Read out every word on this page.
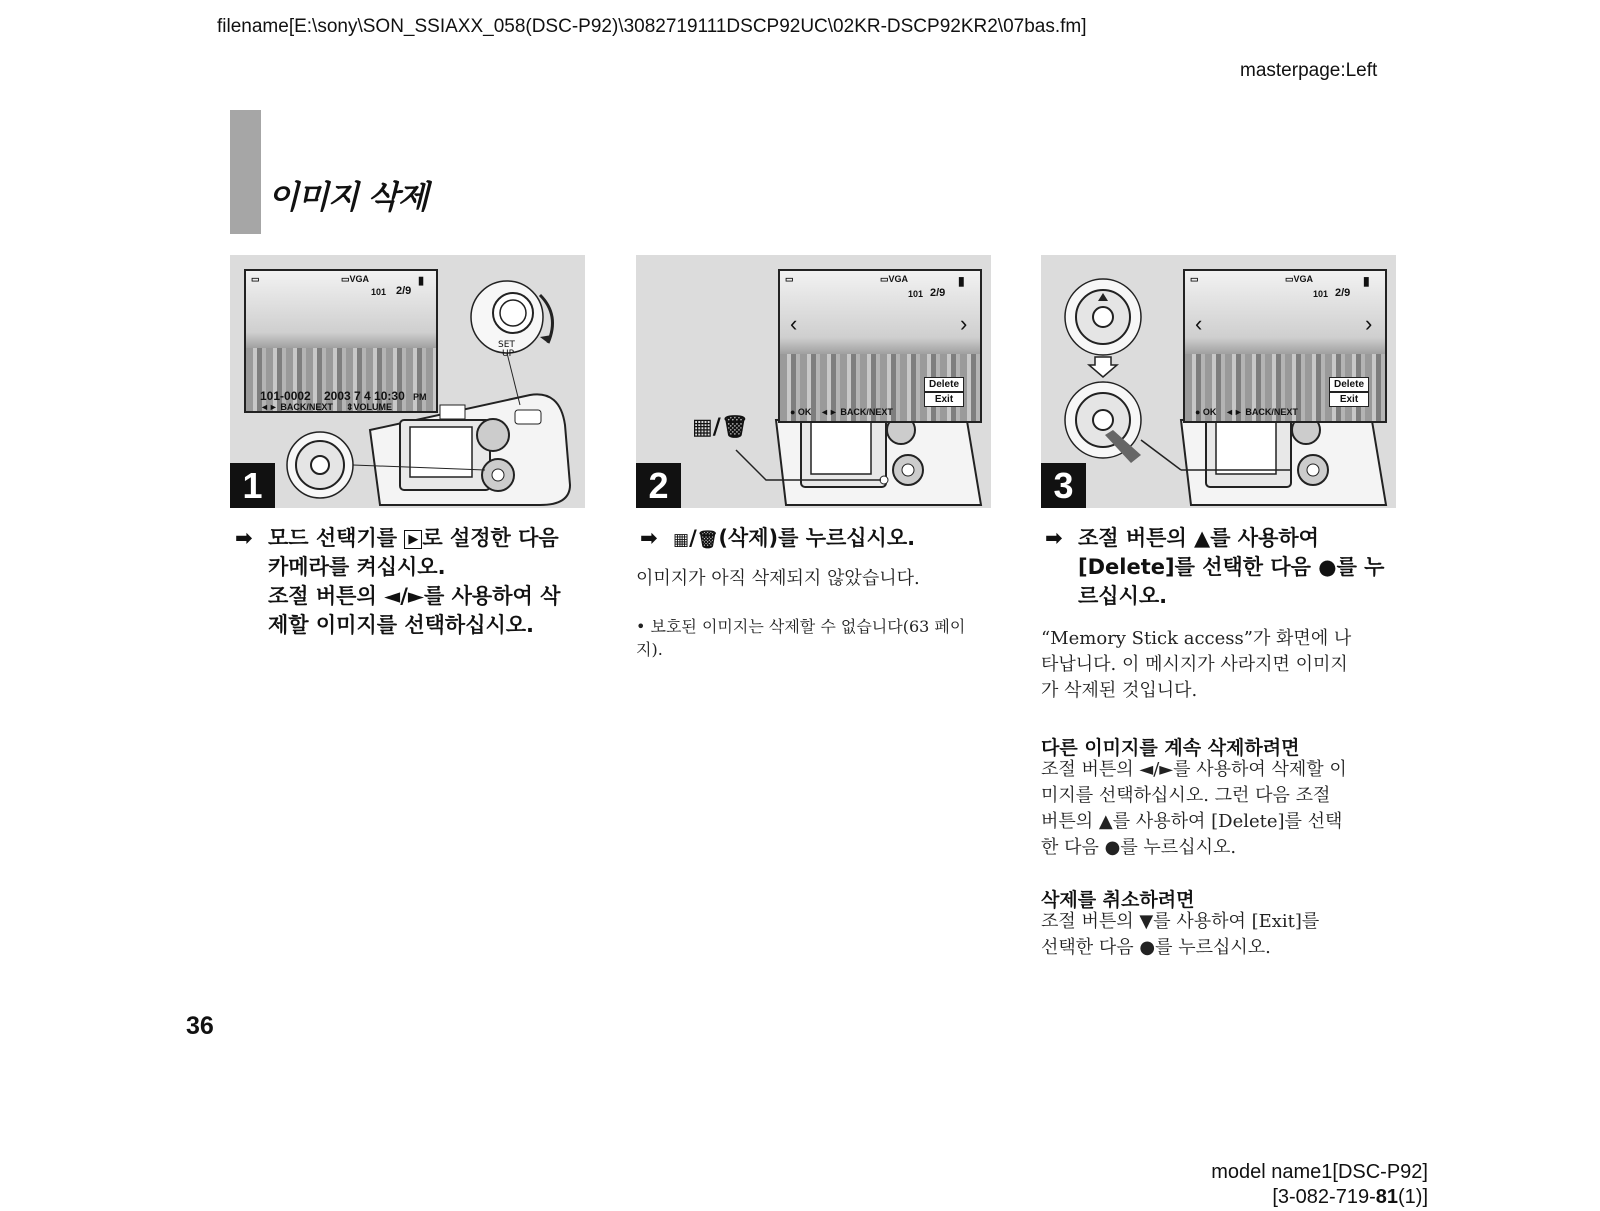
filename[E:\sony\SON_SSIAXX_058(DSC-P92)\3082719111DSCP92UC\02KR-DSCP92KR2\07bas.fm]
masterpage:Left
이미지 삭제
SET
UP
▭	▭VGA
101 2/9
▮
101-0002 2003 7 4 10:30 PM
◄► BACK/NEXT ⇕VOLUME
1
▦/🗑
▭	▭VGA
101 2/9
▮
‹	›
Delete
Exit
● OK ◄► BACK/NEXT
2
▭	▭VGA
101 2/9
▮
‹	›
Delete
Exit
● OK ◄► BACK/NEXT
3
➡ 모드 선택기를 ▶ 로 설정한 다음
카메라를 켜십시오.
조절 버튼의 ◄/►를 사용하여 삭
제할 이미지를 선택하십시오.
➡ ▦/🗑(삭제)를 누르십시오.
이미지가 아직 삭제되지 않았습니다.
• 보호된 이미지는 삭제할 수 없습니다(63 페이지).
➡ 조절 버튼의 ▲를 사용하여
[Delete]를 선택한 다음 ●를 누
르십시오.
“Memory Stick access”가 화면에 나
타납니다. 이 메시지가 사라지면 이미지
가 삭제된 것입니다.
다른 이미지를 계속 삭제하려면
조절 버튼의 ◄/►를 사용하여 삭제할 이
미지를 선택하십시오. 그런 다음 조절
버튼의 ▲를 사용하여 [Delete]를 선택
한 다음 ●를 누르십시오.
삭제를 취소하려면
조절 버튼의 ▼를 사용하여 [Exit]를
선택한 다음 ●를 누르십시오.
36
model name1[DSC-P92]
[3-082-719-81(1)]
